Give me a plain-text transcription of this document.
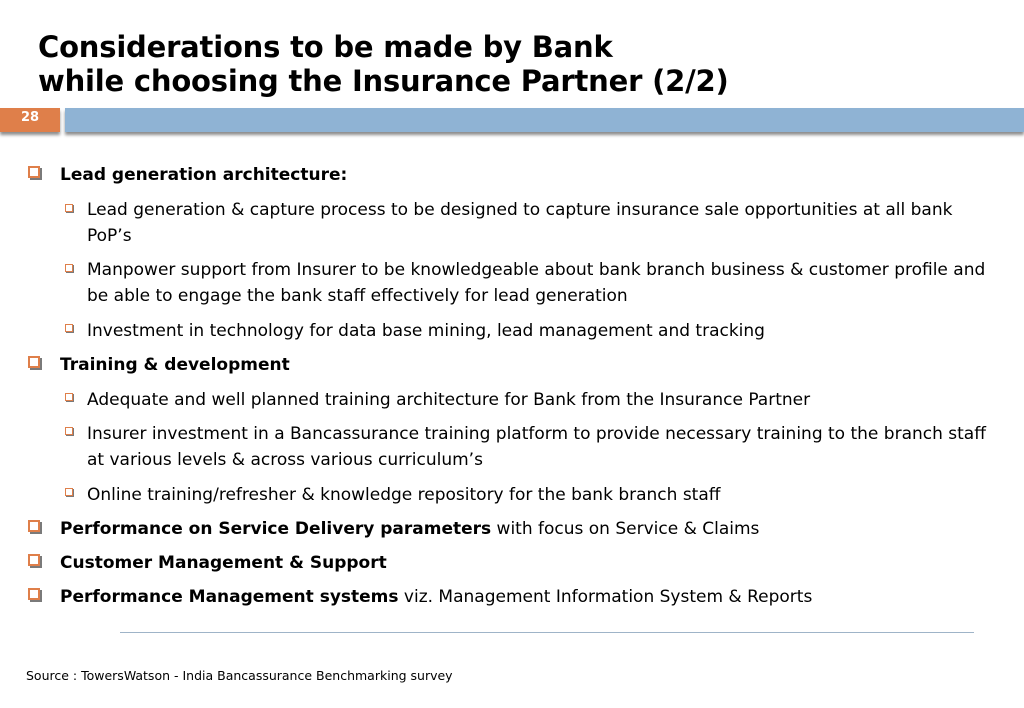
Considerations to be made by Bank
while choosing the Insurance Partner (2/2)
28
Lead generation architecture:
Lead generation & capture process to be designed to capture insurance sale opportunities at all bank PoP’s
Manpower support from Insurer to be knowledgeable about bank branch business & customer profile and be able to engage the bank staff effectively for lead generation
Investment in technology for data base mining, lead management and tracking
Training & development
Adequate and well planned training architecture for Bank from the Insurance Partner
Insurer investment in a Bancassurance training platform to provide necessary training to the branch staff at various levels & across various curriculum’s
Online training/refresher & knowledge repository for the bank branch staff
Performance on Service Delivery parameters with focus on Service & Claims
Customer Management & Support
Performance Management systems viz. Management Information System & Reports
Source : TowersWatson - India Bancassurance Benchmarking survey
